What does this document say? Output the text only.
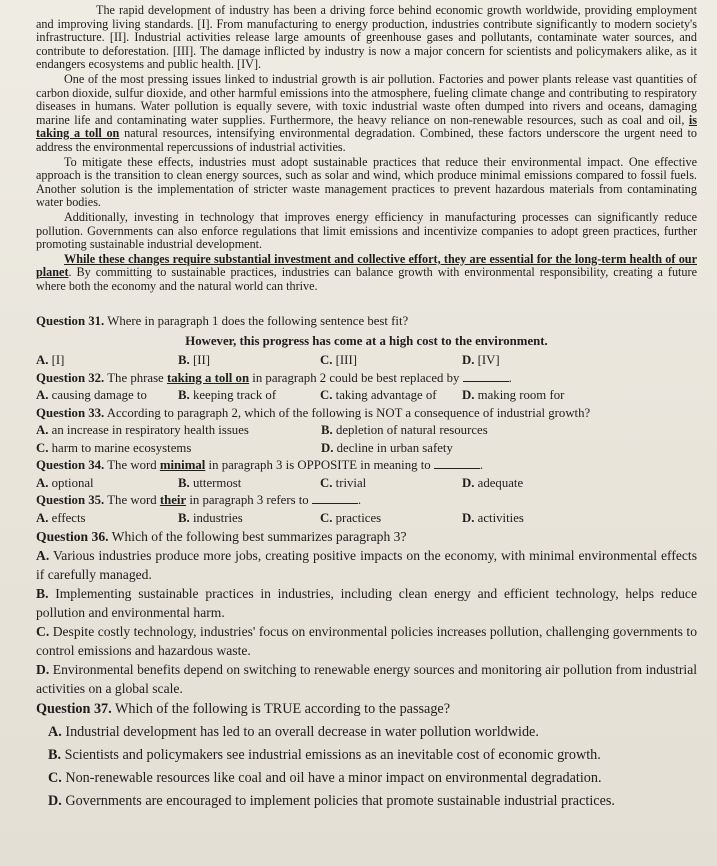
The rapid development of industry has been a driving force behind economic growth worldwide, providing employment and improving living standards. [I]. From manufacturing to energy production, industries contribute significantly to modern society's infrastructure. [II]. Industrial activities release large amounts of greenhouse gases and pollutants, contaminate water sources, and contribute to deforestation. [III]. The damage inflicted by industry is now a major concern for scientists and policymakers alike, as it endangers ecosystems and public health. [IV].

One of the most pressing issues linked to industrial growth is air pollution. Factories and power plants release vast quantities of carbon dioxide, sulfur dioxide, and other harmful emissions into the atmosphere, fueling climate change and contributing to respiratory diseases in humans. Water pollution is equally severe, with toxic industrial waste often dumped into rivers and oceans, damaging marine life and contaminating water supplies. Furthermore, the heavy reliance on non-renewable resources, such as coal and oil, is taking a toll on natural resources, intensifying environmental degradation. Combined, these factors underscore the urgent need to address the environmental repercussions of industrial activities.

To mitigate these effects, industries must adopt sustainable practices that reduce their environmental impact. One effective approach is the transition to clean energy sources, such as solar and wind, which produce minimal emissions compared to fossil fuels. Another solution is the implementation of stricter waste management practices to prevent hazardous materials from contaminating water bodies.

Additionally, investing in technology that improves energy efficiency in manufacturing processes can significantly reduce pollution. Governments can also enforce regulations that limit emissions and incentivize companies to adopt green practices, further promoting sustainable industrial development.

While these changes require substantial investment and collective effort, they are essential for the long-term health of our planet. By committing to sustainable practices, industries can balance growth with environmental responsibility, creating a future where both the economy and the natural world can thrive.

Question 31. Where in paragraph 1 does the following sentence best fit?
However, this progress has come at a high cost to the environment.
A. [I]	B. [II]	C. [III]	D. [IV]
Question 32. The phrase taking a toll on in paragraph 2 could be best replaced by	.
A. causing damage to	B. keeping track of	C. taking advantage of	D. making room for
Question 33. According to paragraph 2, which of the following is NOT a consequence of industrial growth?
A. an increase in respiratory health issues	B. depletion of natural resources
C. harm to marine ecosystems	D. decline in urban safety
Question 34. The word minimal in paragraph 3 is OPPOSITE in meaning to	.
A. optional	B. uttermost	C. trivial	D. adequate
Question 35. The word their in paragraph 3 refers to	.
A. effects	B. industries	C. practices	D. activities
Question 36. Which of the following best summarizes paragraph 3?

A. Various industries produce more jobs, creating positive impacts on the economy, with minimal environmental effects if carefully managed.

B. Implementing sustainable practices in industries, including clean energy and efficient technology, helps reduce pollution and environmental harm.

C. Despite costly technology, industries' focus on environmental policies increases pollution, challenging governments to control emissions and hazardous waste.

D. Environmental benefits depend on switching to renewable energy sources and monitoring air pollution from industrial activities on a global scale.

Question 37. Which of the following is TRUE according to the passage?

A. Industrial development has led to an overall decrease in water pollution worldwide.

B. Scientists and policymakers see industrial emissions as an inevitable cost of economic growth.

C. Non-renewable resources like coal and oil have a minor impact on environmental degradation.

D. Governments are encouraged to implement policies that promote sustainable industrial practices.
